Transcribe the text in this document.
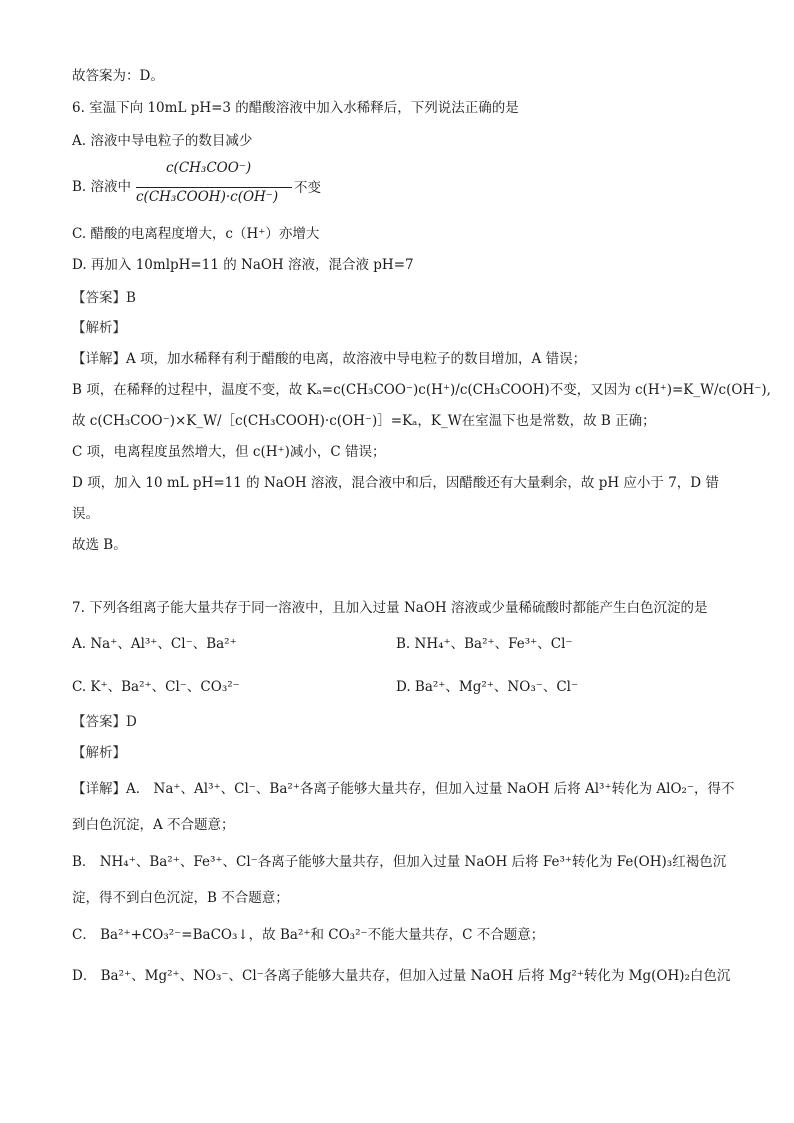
故答案为：D。
6. 室温下向 10mL pH=3 的醋酸溶液中加入水稀释后，下列说法正确的是
A. 溶液中导电粒子的数目减少
B. 溶液中
c(CH₃COO⁻)
c(CH₃COOH)·c(OH⁻)
不变
C. 醋酸的电离程度增大，c（H⁺）亦增大
D. 再加入 10mlpH=11 的 NaOH 溶液，混合液 pH=7
【答案】B
【解析】
【详解】A 项，加水稀释有利于醋酸的电离，故溶液中导电粒子的数目增加，A 错误；
B 项，在稀释的过程中，温度不变，故 Kₐ=c(CH₃COO⁻)c(H⁺)/c(CH₃COOH)不变，又因为 c(H⁺)=K_W/c(OH⁻),
故 c(CH₃COO⁻)×K_W/［c(CH₃COOH)·c(OH⁻)］=Kₐ，K_W在室温下也是常数，故 B 正确；
C 项，电离程度虽然增大，但 c(H⁺)减小，C 错误；
D 项，加入 10 mL pH=11 的 NaOH 溶液，混合液中和后，因醋酸还有大量剩余，故 pH 应小于 7，D 错
误。
故选 B。
7. 下列各组离子能大量共存于同一溶液中，且加入过量 NaOH 溶液或少量稀硫酸时都能产生白色沉淀的是
A. Na⁺、Al³⁺、Cl⁻、Ba²⁺	B. NH₄⁺、Ba²⁺、Fe³⁺、Cl⁻
C. K⁺、Ba²⁺、Cl⁻、CO₃²⁻	D. Ba²⁺、Mg²⁺、NO₃⁻、Cl⁻
【答案】D
【解析】
【详解】A． Na⁺、Al³⁺、Cl⁻、Ba²⁺各离子能够大量共存，但加入过量 NaOH 后将 Al³⁺转化为 AlO₂⁻，得不
到白色沉淀，A 不合题意；
B． NH₄⁺、Ba²⁺、Fe³⁺、Cl⁻各离子能够大量共存，但加入过量 NaOH 后将 Fe³⁺转化为 Fe(OH)₃红褐色沉
淀，得不到白色沉淀，B 不合题意；
C． Ba²⁺+CO₃²⁻=BaCO₃↓，故 Ba²⁺和 CO₃²⁻不能大量共存，C 不合题意；
D． Ba²⁺、Mg²⁺、NO₃⁻、Cl⁻各离子能够大量共存，但加入过量 NaOH 后将 Mg²⁺转化为 Mg(OH)₂白色沉
